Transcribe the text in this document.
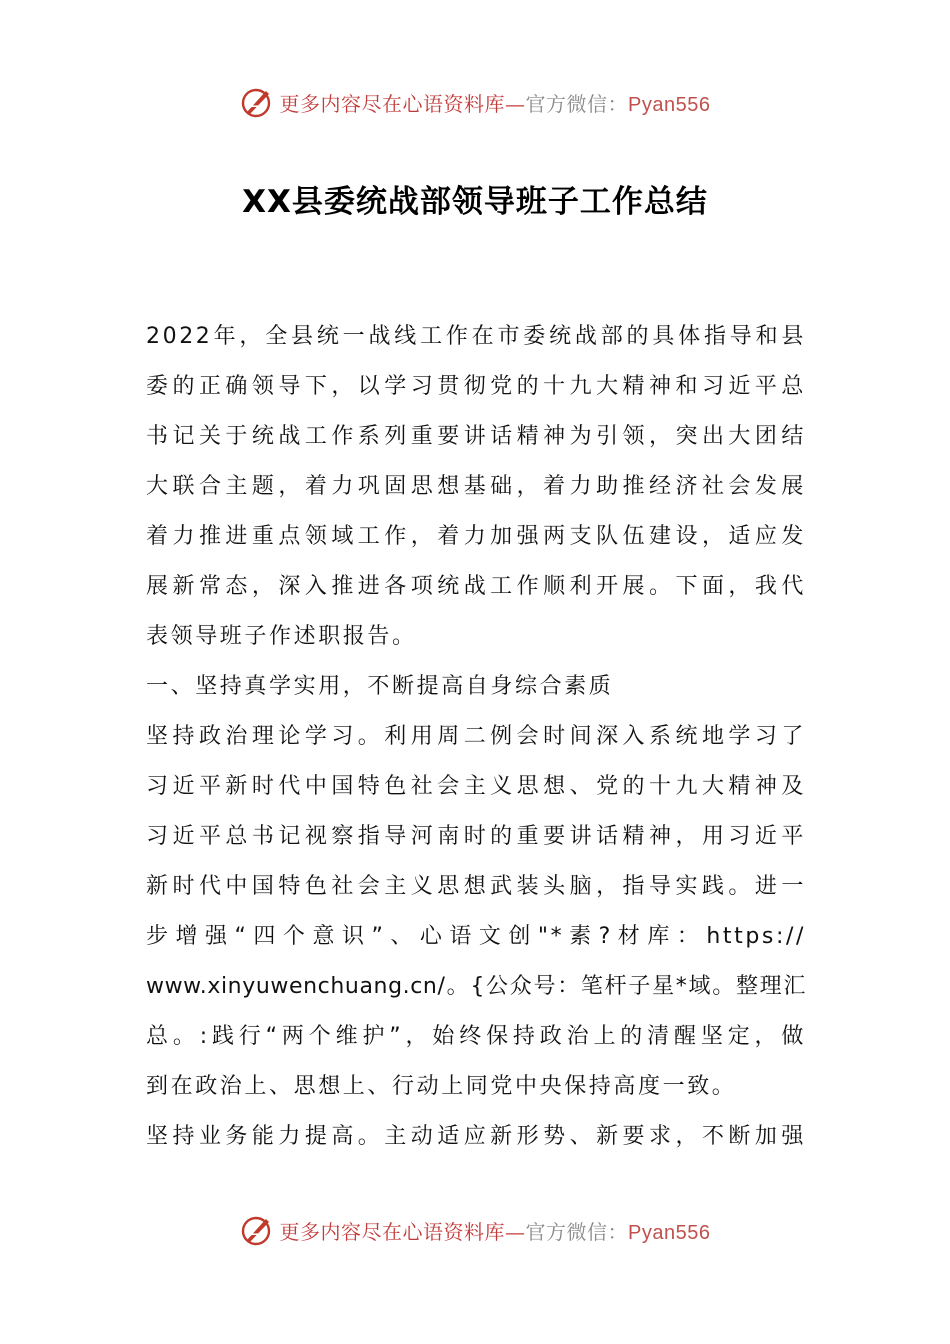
更多内容尽在心语资料库—官方微信：Pyan556
XX县委统战部领导班子工作总结
2022年，全县统一战线工作在市委统战部的具体指导和县
委的正确领导下，以学习贯彻党的十九大精神和习近平总
书记关于统战工作系列重要讲话精神为引领，突出大团结
大联合主题，着力巩固思想基础，着力助推经济社会发展
着力推进重点领域工作，着力加强两支队伍建设，适应发
展新常态，深入推进各项统战工作顺利开展。下面，我代
表领导班子作述职报告。
一、坚持真学实用，不断提高自身综合素质
坚持政治理论学习。利用周二例会时间深入系统地学习了
习近平新时代中国特色社会主义思想、党的十九大精神及
习近平总书记视察指导河南时的重要讲话精神，用习近平
新时代中国特色社会主义思想武装头脑，指导实践。进一
步增强“四个意识”、心语文创"*素?材库：https://
www.xinyuwenchuang.cn/。{公众号：笔杆子星*域。整理汇
总。:践行“两个维护”，始终保持政治上的清醒坚定，做
到在政治上、思想上、行动上同党中央保持高度一致。
坚持业务能力提高。主动适应新形势、新要求，不断加强
更多内容尽在心语资料库—官方微信：Pyan556
